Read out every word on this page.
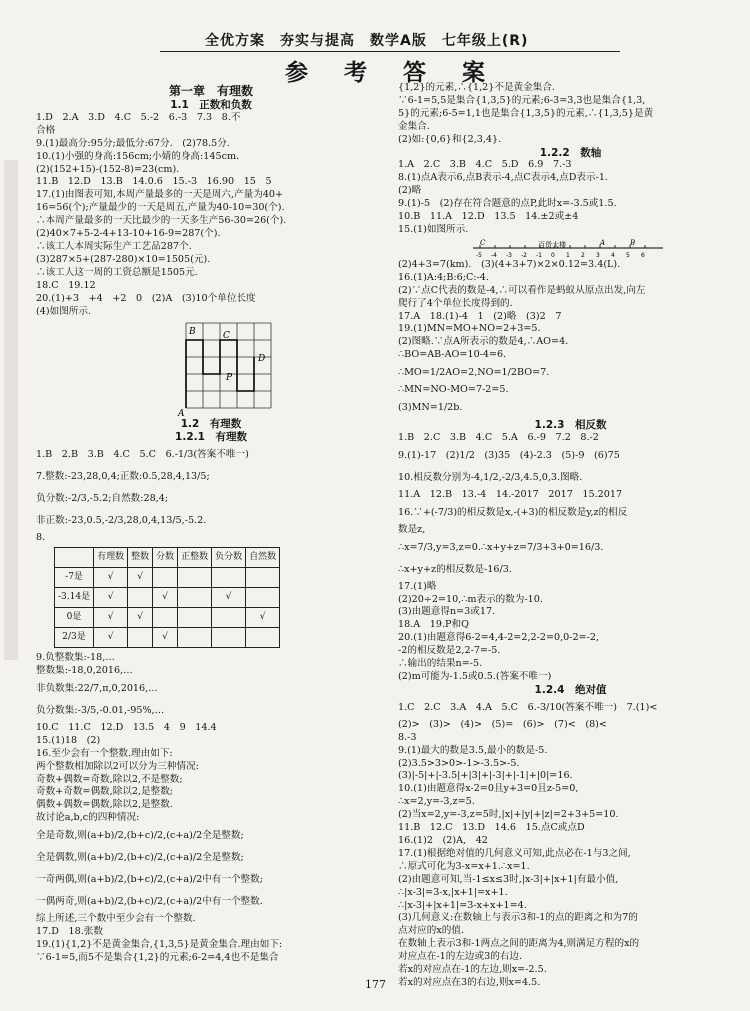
全优方案　夯实与提高　数学A版　七年级上(R)
参 考 答 案
第一章　有理数
1.1　正数和负数
1.D　2.A　3.D　4.C　5.-2　6.-3　7.3　8.不
合格
9.(1)最高分:95分;最低分:67分.　(2)78.5分.
10.(1)小强的身高:156cm;小婧的身高:145cm.
(2)(152+15)-(152-8)=23(cm).
11.B　12.D　13.B　14.0.6　15.-3　16.90　15　5
17.(1)由图表可知,本周产量最多的一天是周六,产量为40+
16=56(个);产量最少的一天是周五,产量为40-10=30(个).
∴本周产量最多的一天比最少的一天多生产56-30=26(个).
(2)40×7+5-2-4+13-10+16-9=287(个).
∴该工人本周实际生产工艺品287个.
(3)287×5+(287-280)×10=1505(元).
∴该工人这一周的工资总额是1505元.
18.C　19.12
20.(1)+3　+4　+2　0　(2)A　(3)10个单位长度
(4)如图所示.
A
B	C
P
D
1.2　有理数
1.2.1　有理数
1.B　2.B　3.B　4.C　5.C　6.-1/3(答案不唯一)
7.整数:-23,28,0,4;正数:0.5,28,4,13/5;
负分数:-2/3,-5.2;自然数:28,4;
非正数:-23,0.5,-2/3,28,0,4,13/5,-5.2.
8.
	有理数	整数	分数	正整数	负分数	自然数
-7是	√	√				
-3.14是	√		√		√	
0是	√	√				√
2/3是	√		√			
9.负整数集:-18,…
整数集:-18,0,2016,…
非负数集:22/7,π,0,2016,…
负分数集:-3/5,-0.01,-95%,…
10.C　11.C　12.D　13.5　4　9　14.4
15.(1)18　(2)
16.至少会有一个整数.理由如下:
两个整数相加除以2可以分为三种情况:
奇数+偶数=奇数,除以2,不是整数;
奇数+奇数=偶数,除以2,是整数;
偶数+偶数=偶数,除以2,是整数.
故讨论a,b,c的四种情况:
全是奇数,则(a+b)/2,(b+c)/2,(c+a)/2全是整数;
全是偶数,则(a+b)/2,(b+c)/2,(c+a)/2全是整数;
一奇两偶,则(a+b)/2,(b+c)/2,(c+a)/2中有一个整数;
一偶两奇,则(a+b)/2,(b+c)/2,(c+a)/2中有一个整数.
综上所述,三个数中至少会有一个整数.
17.D　18.张数
19.(1){1,2}不是黄金集合,{1,3,5}是黄金集合.理由如下:
∵6-1=5,而5不是集合{1,2}的元素;6-2=4,4也不是集合
{1,2}的元素,∴{1,2}不是黄金集合.
∵6-1=5,5是集合{1,3,5}的元素;6-3=3,3也是集合{1,3,
5}的元素;6-5=1,1也是集合{1,3,5}的元素,∴{1,3,5}是黄
金集合.
(2)如:{0,6}和{2,3,4}.
1.2.2　数轴
1.A　2.C　3.B　4.C　5.D　6.9　7.-3
8.(1)点A表示6,点B表示-4,点C表示4,点D表示-1.
(2)略
9.(1)-5　(2)存在符合题意的点P,此时x=-3.5或1.5.
10.B　11.A　12.D　13.5　14.±2或±4
15.(1)如图所示.
-5 -4 -3 -2 -1 0 1 2 3 4 5 6
C	百货大楼	A	B
(2)4+3=7(km).　(3)(4+3+7)×2×0.12=3.4(L).
16.(1)A:4;B:6;C:-4.
(2)∵点C代表的数是-4,∴可以看作是蚂蚁从原点出发,向左
爬行了4个单位长度得到的.
17.A　18.(1)-4　1　(2)略　(3)2　7
19.(1)MN=MO+NO=2+3=5.
(2)图略.∵点A所表示的数是4,∴AO=4.
∴BO=AB-AO=10-4=6.
∴MO=1/2AO=2,NO=1/2BO=7.
∴MN=NO-MO=7-2=5.
(3)MN=1/2b.
1.2.3　相反数
1.B　2.C　3.B　4.C　5.A　6.-9　7.2　8.-2
9.(1)-17　(2)1/2　(3)35　(4)-2.3　(5)-9　(6)75
10.相反数分别为-4,1/2,-2/3,4.5,0,3.图略.
11.A　12.B　13.-4　14.-2017　2017　15.2017
16.∵+(-7/3)的相反数是x,-(+3)的相反数是y,z的相反
数是z,
∴x=7/3,y=3,z=0.∴x+y+z=7/3+3+0=16/3.
∴x+y+z的相反数是-16/3.
17.(1)略
(2)20÷2=10,∴m表示的数为-10.
(3)由题意得n=3或17.
18.A　19.P和Q
20.(1)由题意得6-2=4,4-2=2,2-2=0,0-2=-2,
-2的相反数是2,2-7=-5.
∴输出的结果n=-5.
(2)m可能为-1.5或0.5.(答案不唯一)
1.2.4　绝对值
1.C　2.C　3.A　4.A　5.C　6.-3/10(答案不唯一)　7.(1)<
(2)>　(3)>　(4)>　(5)=　(6)>　(7)<　(8)<
8.-3
9.(1)最大的数是3.5,最小的数是-5.
(2)3.5>3>0>-1>-3.5>-5.
(3)|-5|+|-3.5|+|3|+|-3|+|-1|+|0|=16.
10.(1)由题意得x-2=0且y+3=0且z-5=0,
∴x=2,y=-3,z=5.
(2)当x=2,y=-3,z=5时,|x|+|y|+|z|=2+3+5=10.
11.B　12.C　13.D　14.6　15.点C或点D
16.(1)2　(2)A,　42
17.(1)根据绝对值的几何意义可知,此点必在-1与3之间,
∴原式可化为3-x=x+1.∴x=1.
(2)由题意可知,当-1≤x≤3时,|x-3|+|x+1|有最小值,
∴|x-3|=3-x,|x+1|=x+1.
∴|x-3|+|x+1|=3-x+x+1=4.
(3)几何意义:在数轴上与表示3和-1的点的距离之和为7的
点对应的x的值.
在数轴上表示3和-1两点之间的距离为4,则满足方程的x的
对应点在-1的左边或3的右边.
若x的对应点在-1的左边,则x=-2.5.
若x的对应点在3的右边,则x=4.5.
177
